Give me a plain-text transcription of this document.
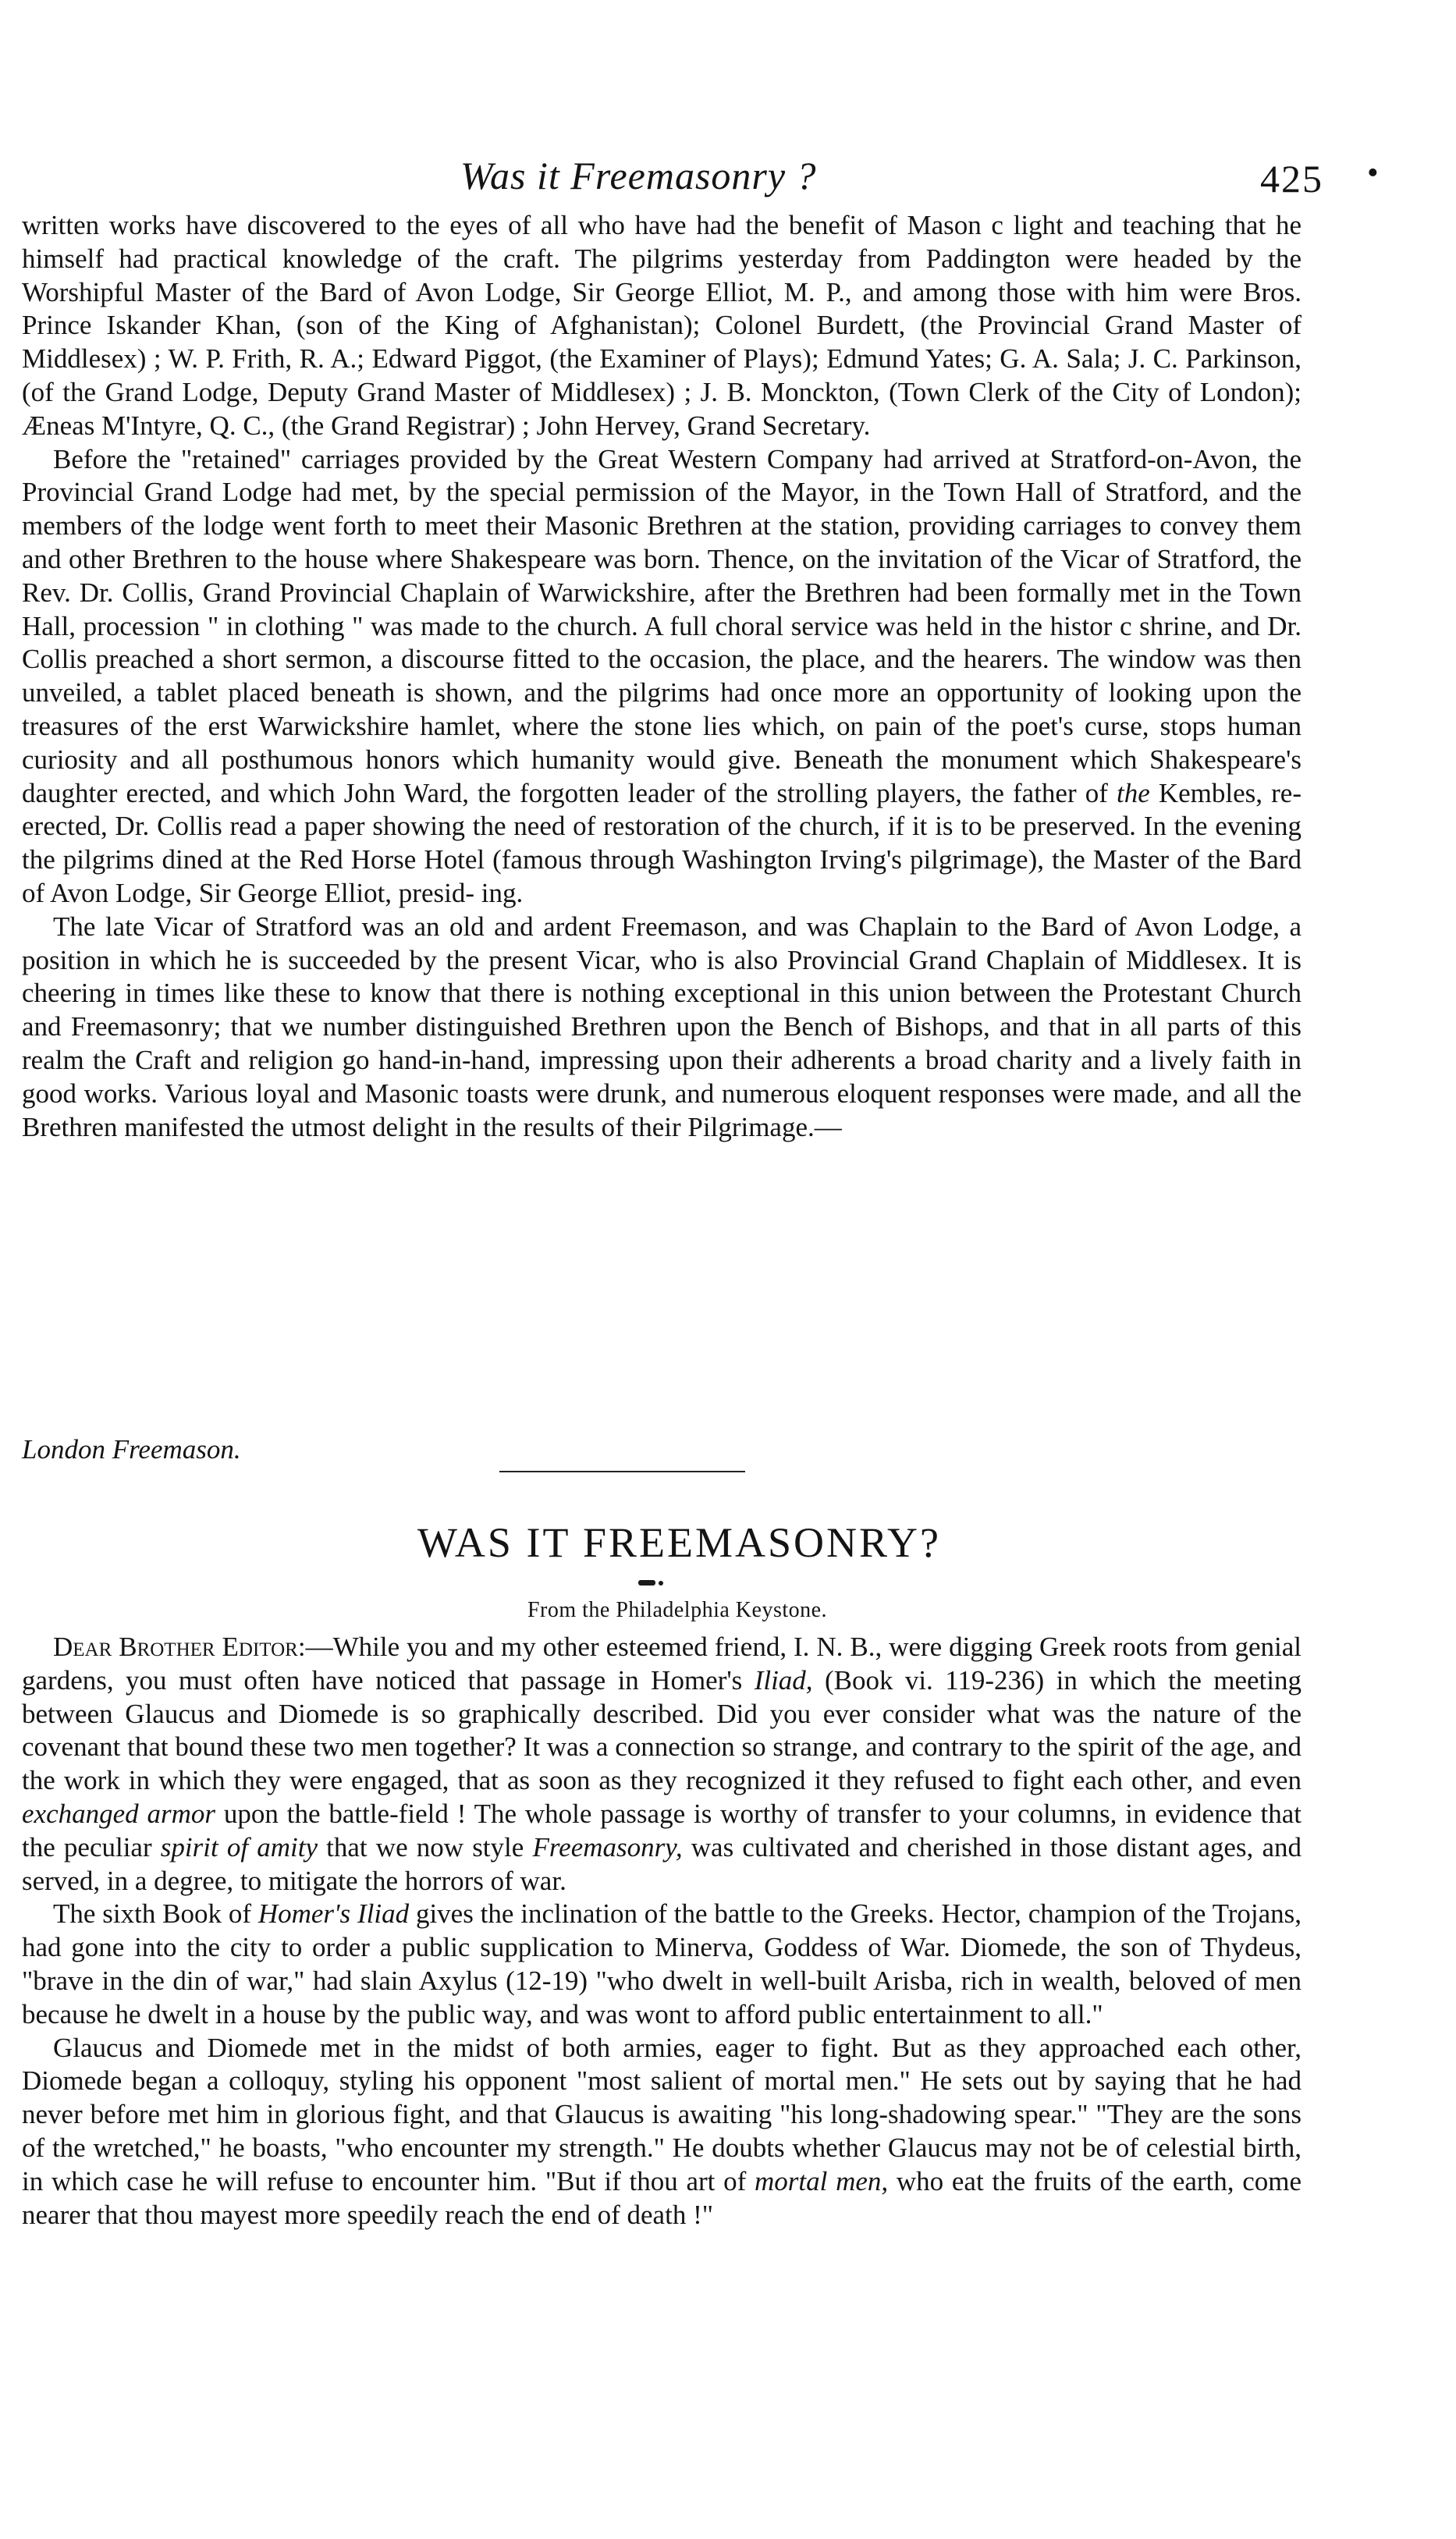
Was it Freemasonry ?	425 •

written works have discovered to the eyes of all who have had the benefit of Mason c light and teaching that he himself had practical knowledge of the craft. The pilgrims yesterday from Paddington were headed by the Worshipful Master of the Bard of Avon Lodge, Sir George Elliot, M. P., and among those with him were Bros. Prince Iskander Khan, (son of the King of Afghanistan); Colonel Burdett, (the Provincial Grand Master of Middlesex) ; W. P. Frith, R. A.; Edward Piggot, (the Examiner of Plays); Edmund Yates; G. A. Sala; J. C. Parkinson, (of the Grand Lodge, Deputy Grand Master of Middlesex) ; J. B. Monckton, (Town Clerk of the City of London); Æneas M'Intyre, Q. C., (the Grand Registrar) ; John Hervey, Grand Secretary.

Before the "retained" carriages provided by the Great Western Company had arrived at Stratford-on-Avon, the Provincial Grand Lodge had met, by the special permission of the Mayor, in the Town Hall of Stratford, and the members of the lodge went forth to meet their Masonic Brethren at the station, providing carriages to convey them and other Brethren to the house where Shakespeare was born. Thence, on the invitation of the Vicar of Stratford, the Rev. Dr. Collis, Grand Provincial Chaplain of Warwickshire, after the Brethren had been formally met in the Town Hall, procession " in clothing " was made to the church. A full choral service was held in the histor c shrine, and Dr. Collis preached a short sermon, a discourse fitted to the occasion, the place, and the hearers. The window was then unveiled, a tablet placed beneath is shown, and the pilgrims had once more an opportunity of looking upon the treasures of the erst Warwickshire hamlet, where the stone lies which, on pain of the poet's curse, stops human curiosity and all posthumous honors which humanity would give. Beneath the monument which Shakespeare's daughter erected, and which John Ward, the forgotten leader of the strolling players, the father of the Kembles, re-erected, Dr. Collis read a paper showing the need of restoration of the church, if it is to be preserved. In the evening the pilgrims dined at the Red Horse Hotel (famous through Washington Irving's pilgrimage), the Master of the Bard of Avon Lodge, Sir George Elliot, presid- ing.

The late Vicar of Stratford was an old and ardent Freemason, and was Chaplain to the Bard of Avon Lodge, a position in which he is succeeded by the present Vicar, who is also Provincial Grand Chaplain of Middlesex. It is cheering in times like these to know that there is nothing exceptional in this union between the Protestant Church and Freemasonry; that we number distinguished Brethren upon the Bench of Bishops, and that in all parts of this realm the Craft and religion go hand-in-hand, impressing upon their adherents a broad charity and a lively faith in good works. Various loyal and Masonic toasts were drunk, and numerous eloquent responses were made, and all the Brethren manifested the utmost delight in the results of their Pilgrimage.—

London Freemason.
WAS IT FREEMASONRY?
From the Philadelphia Keystone.

Dear Brother Editor:—While you and my other esteemed friend, I. N. B., were digging Greek roots from genial gardens, you must often have noticed that passage in Homer's Iliad, (Book vi. 119-236) in which the meeting between Glaucus and Diomede is so graphically described. Did you ever consider what was the nature of the covenant that bound these two men together? It was a connection so strange, and contrary to the spirit of the age, and the work in which they were engaged, that as soon as they recognized it they refused to fight each other, and even exchanged armor upon the battle-field ! The whole passage is worthy of transfer to your columns, in evidence that the peculiar spirit of amity that we now style Freemasonry, was cultivated and cherished in those distant ages, and served, in a degree, to mitigate the horrors of war.

The sixth Book of Homer's Iliad gives the inclination of the battle to the Greeks. Hector, champion of the Trojans, had gone into the city to order a public supplication to Minerva, Goddess of War. Diomede, the son of Thydeus, "brave in the din of war," had slain Axylus (12-19) "who dwelt in well-built Arisba, rich in wealth, beloved of men because he dwelt in a house by the public way, and was wont to afford public entertainment to all."

Glaucus and Diomede met in the midst of both armies, eager to fight. But as they approached each other, Diomede began a colloquy, styling his opponent "most salient of mortal men." He sets out by saying that he had never before met him in glorious fight, and that Glaucus is awaiting "his long-shadowing spear." "They are the sons of the wretched," he boasts, "who encounter my strength." He doubts whether Glaucus may not be of celestial birth, in which case he will refuse to encounter him. "But if thou art of mortal men, who eat the fruits of the earth, come nearer that thou mayest more speedily reach the end of death !"
